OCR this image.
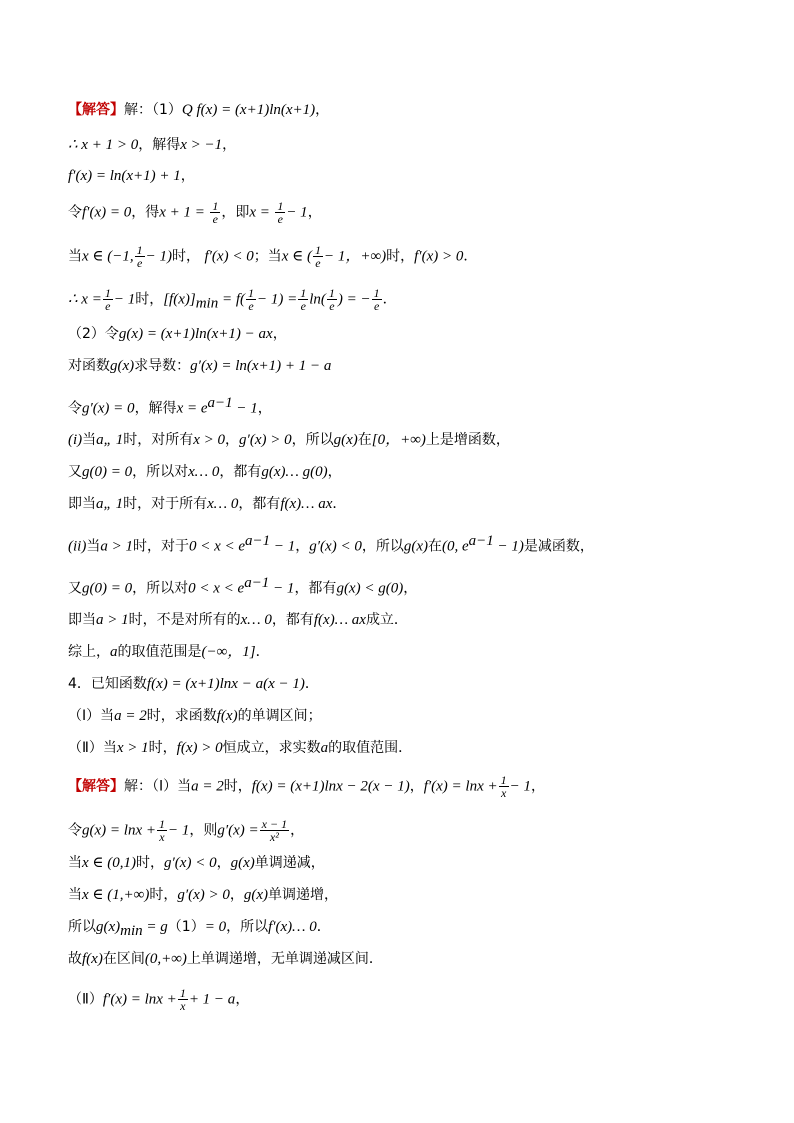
【解答】解：（1）Q f(x) = (x+1)ln(x+1)，
∴ x + 1 > 0，解得x > −1，
f′(x) = ln(x+1) + 1，
令f′(x) = 0，得$x + 1 = \frac{1}{e}$ ，即$x = \frac{1}{e} - 1$，
当x ∈ (−1, $\frac{1}{e} - 1$)时， f′(x) < 0；当x ∈ ( $\frac{1}{e} - 1$，+∞)时，f′(x) > 0．
∴ $x = \frac{1}{e} - 1$时，$[f(x)]_{min} = f( \frac{1}{e} - 1) = \frac{1}{e} \ln( \frac{1}{e}$ ) = − $\frac{1}{e}$ ．
（2）令g(x) = (x+1)ln(x+1) − ax，
对函数g(x)求导数：g′(x) = ln(x+1) + 1 − a
令g′(x) = 0，解得$x = e^{a-1} - 1$，
(i)当a„ 1时，对所有x > 0，g′(x) > 0，所以g(x)在[0，+∞)上是增函数，
又g(0) = 0，所以对x… 0，都有g(x)… g(0)，
即当a„ 1时，对于所有x… 0，都有f(x)… ax．
(ii)当a > 1时，对于$0 < x < e^{a-1} - 1$，g′(x) < 0，所以g(x)在(0, $e^{a-1} - 1$)是减函数，
又g(0) = 0，所以对$0 < x < e^{a-1} - 1$，都有g(x) < g(0)，
即当a > 1时，不是对所有的x… 0，都有f(x)… ax成立．
综上，a的取值范围是(−∞，1]．
4．已知函数f(x) = (x+1)lnx − a(x − 1)．
（Ⅰ）当a = 2时，求函数f(x)的单调区间；
（Ⅱ）当x > 1时，f(x) > 0恒成立，求实数a的取值范围．
【解答】解：（Ⅰ）当a = 2时，f(x) = (x+1)lnx − 2(x − 1)，$f'(x) = \ln x + \frac{1}{x} - 1$，
令$g(x) = \ln x + \frac{1}{x} - 1$，则$g'(x) = \frac{x - 1}{\text{x²}}$ ，
当x ∈ (0,1)时，g′(x) < 0，g(x)单调递减，
当x ∈ (1,+∞)时，g′(x) > 0，g(x)单调递增，
所以$g(x)_{min} = g(1)= 0$，所以f′(x)… 0．
故f(x)在区间(0,+∞)上单调递增，无单调递减区间．
（Ⅱ）f′(x) = $\ln x + \frac{1}{x} + 1 - a$，
